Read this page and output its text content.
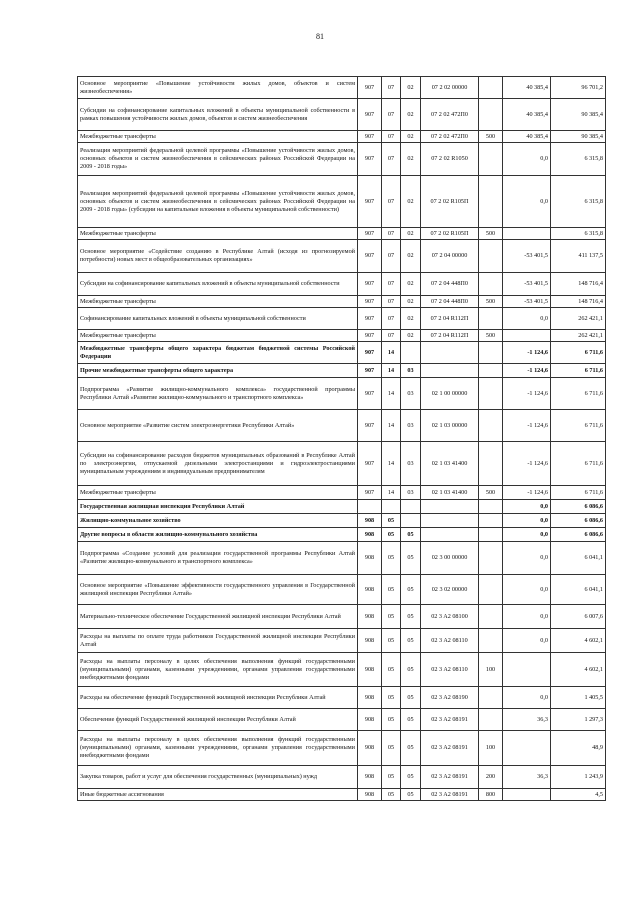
81
Основное мероприятие «Повышение устойчивости жилых домов, объектов и систем жизнеобеспечения»	907	07	02	07 2 02 00000		40 385,4	96 701,2
Субсидии на софинансирование капитальных вложений в объекты муниципальной собственности в рамках повышения устойчивости жилых домов, объектов и систем жизнеобеспечения	907	07	02	07 2 02 472П0		40 385,4	90 385,4
Межбюджетные трансферты	907	07	02	07 2 02 472П0	500	40 385,4	90 385,4
Реализация мероприятий федеральной целевой программы «Повышение устойчивости жилых домов, основных объектов и систем жизнеобеспечения в сейсмических районах Российской Федерации на 2009 - 2018 годы»	907	07	02	07 2 02 R1050		0,0	6 315,8
Реализация мероприятий федеральной целевой программы «Повышение устойчивости жилых домов, основных объектов и систем жизнеобеспечения в сейсмических районах Российской Федерации на 2009 - 2018 годы» (субсидии на капитальные вложения в объекты муниципальной собственности)	907	07	02	07 2 02 R105П		0,0	6 315,8
Межбюджетные трансферты	907	07	02	07 2 02 R105П	500		6 315,8
Основное мероприятие «Содействие созданию в Республике Алтай (исходя из прогнозируемой потребности) новых мест в общеобразовательных организациях»	907	07	02	07 2 04 00000		-53 401,5	411 137,5
Субсидии на софинансирование капитальных вложений в объекты муниципальной собственности	907	07	02	07 2 04 448П0		-53 401,5	148 716,4
Межбюджетные трансферты	907	07	02	07 2 04 448П0	500	-53 401,5	148 716,4
Софинансирование капитальных вложений в объекты муниципальной собственности	907	07	02	07 2 04 R112П		0,0	262 421,1
Межбюджетные трансферты	907	07	02	07 2 04 R112П	500		262 421,1
Межбюджетные трансферты общего характера бюджетам бюджетной системы Российской Федерации	907	14				-1 124,6	6 711,6
Прочие межбюджетные трансферты общего характера	907	14	03			-1 124,6	6 711,6
Подпрограмма «Развитие жилищно-коммунального комплекса» государственной программы Республики Алтай «Развитие жилищно-коммунального и транспортного комплекса»	907	14	03	02 1 00 00000		-1 124,6	6 711,6
Основное мероприятие «Развитие систем электроэнергетики Республики Алтай»	907	14	03	02 1 03 00000		-1 124,6	6 711,6
Субсидии на софинансирование расходов бюджетов муниципальных образований в Республике Алтай по электроэнергии, отпускаемой дизельными электростанциями и гидроэлектростанциями муниципальным учреждениям и индивидуальным предпринимателям	907	14	03	02 1 03 41400		-1 124,6	6 711,6
Межбюджетные трансферты	907	14	03	02 1 03 41400	500	-1 124,6	6 711,6
Государственная жилищная инспекция Республики Алтай						0,0	6 086,6
Жилищно-коммунальное хозяйство	908	05				0,0	6 086,6
Другие вопросы в области жилищно-коммунального хозяйства	908	05	05			0,0	6 086,6
Подпрограмма «Создание условий для реализации государственной программы Республики Алтай «Развитие жилищно-коммунального и транспортного комплекса»	908	05	05	02 3 00 00000		0,0	6 041,1
Основное мероприятие «Повышение эффективности государственного управления в Государственной жилищной инспекции Республики Алтай»	908	05	05	02 3 02 00000		0,0	6 041,1
Материально-техническое обеспечение Государственной жилищной инспекции Республики Алтай	908	05	05	02 3 A2 08100		0,0	6 007,6
Расходы на выплаты по оплате труда работников Государственной жилищной инспекции Республики Алтай	908	05	05	02 3 A2 08110		0,0	4 602,1
Расходы на выплаты персоналу в целях обеспечения выполнения функций государственными (муниципальными) органами, казенными учреждениями, органами управления государственными внебюджетными фондами	908	05	05	02 3 A2 08110	100		4 602,1
Расходы на обеспечение функций Государственной жилищной инспекции Республики Алтай	908	05	05	02 3 A2 08190		0,0	1 405,5
Обеспечение функций Государственной жилищной инспекции Республики Алтай	908	05	05	02 3 A2 08191		36,3	1 297,3
Расходы на выплаты персоналу в целях обеспечения выполнения функций государственными (муниципальными) органами, казенными учреждениями, органами управления государственными внебюджетными фондами	908	05	05	02 3 A2 08191	100		48,9
Закупка товаров, работ и услуг для обеспечения государственных (муниципальных) нужд	908	05	05	02 3 A2 08191	200	36,3	1 243,9
Иные бюджетные ассигнования	908	05	05	02 3 A2 08191	800		4,5
